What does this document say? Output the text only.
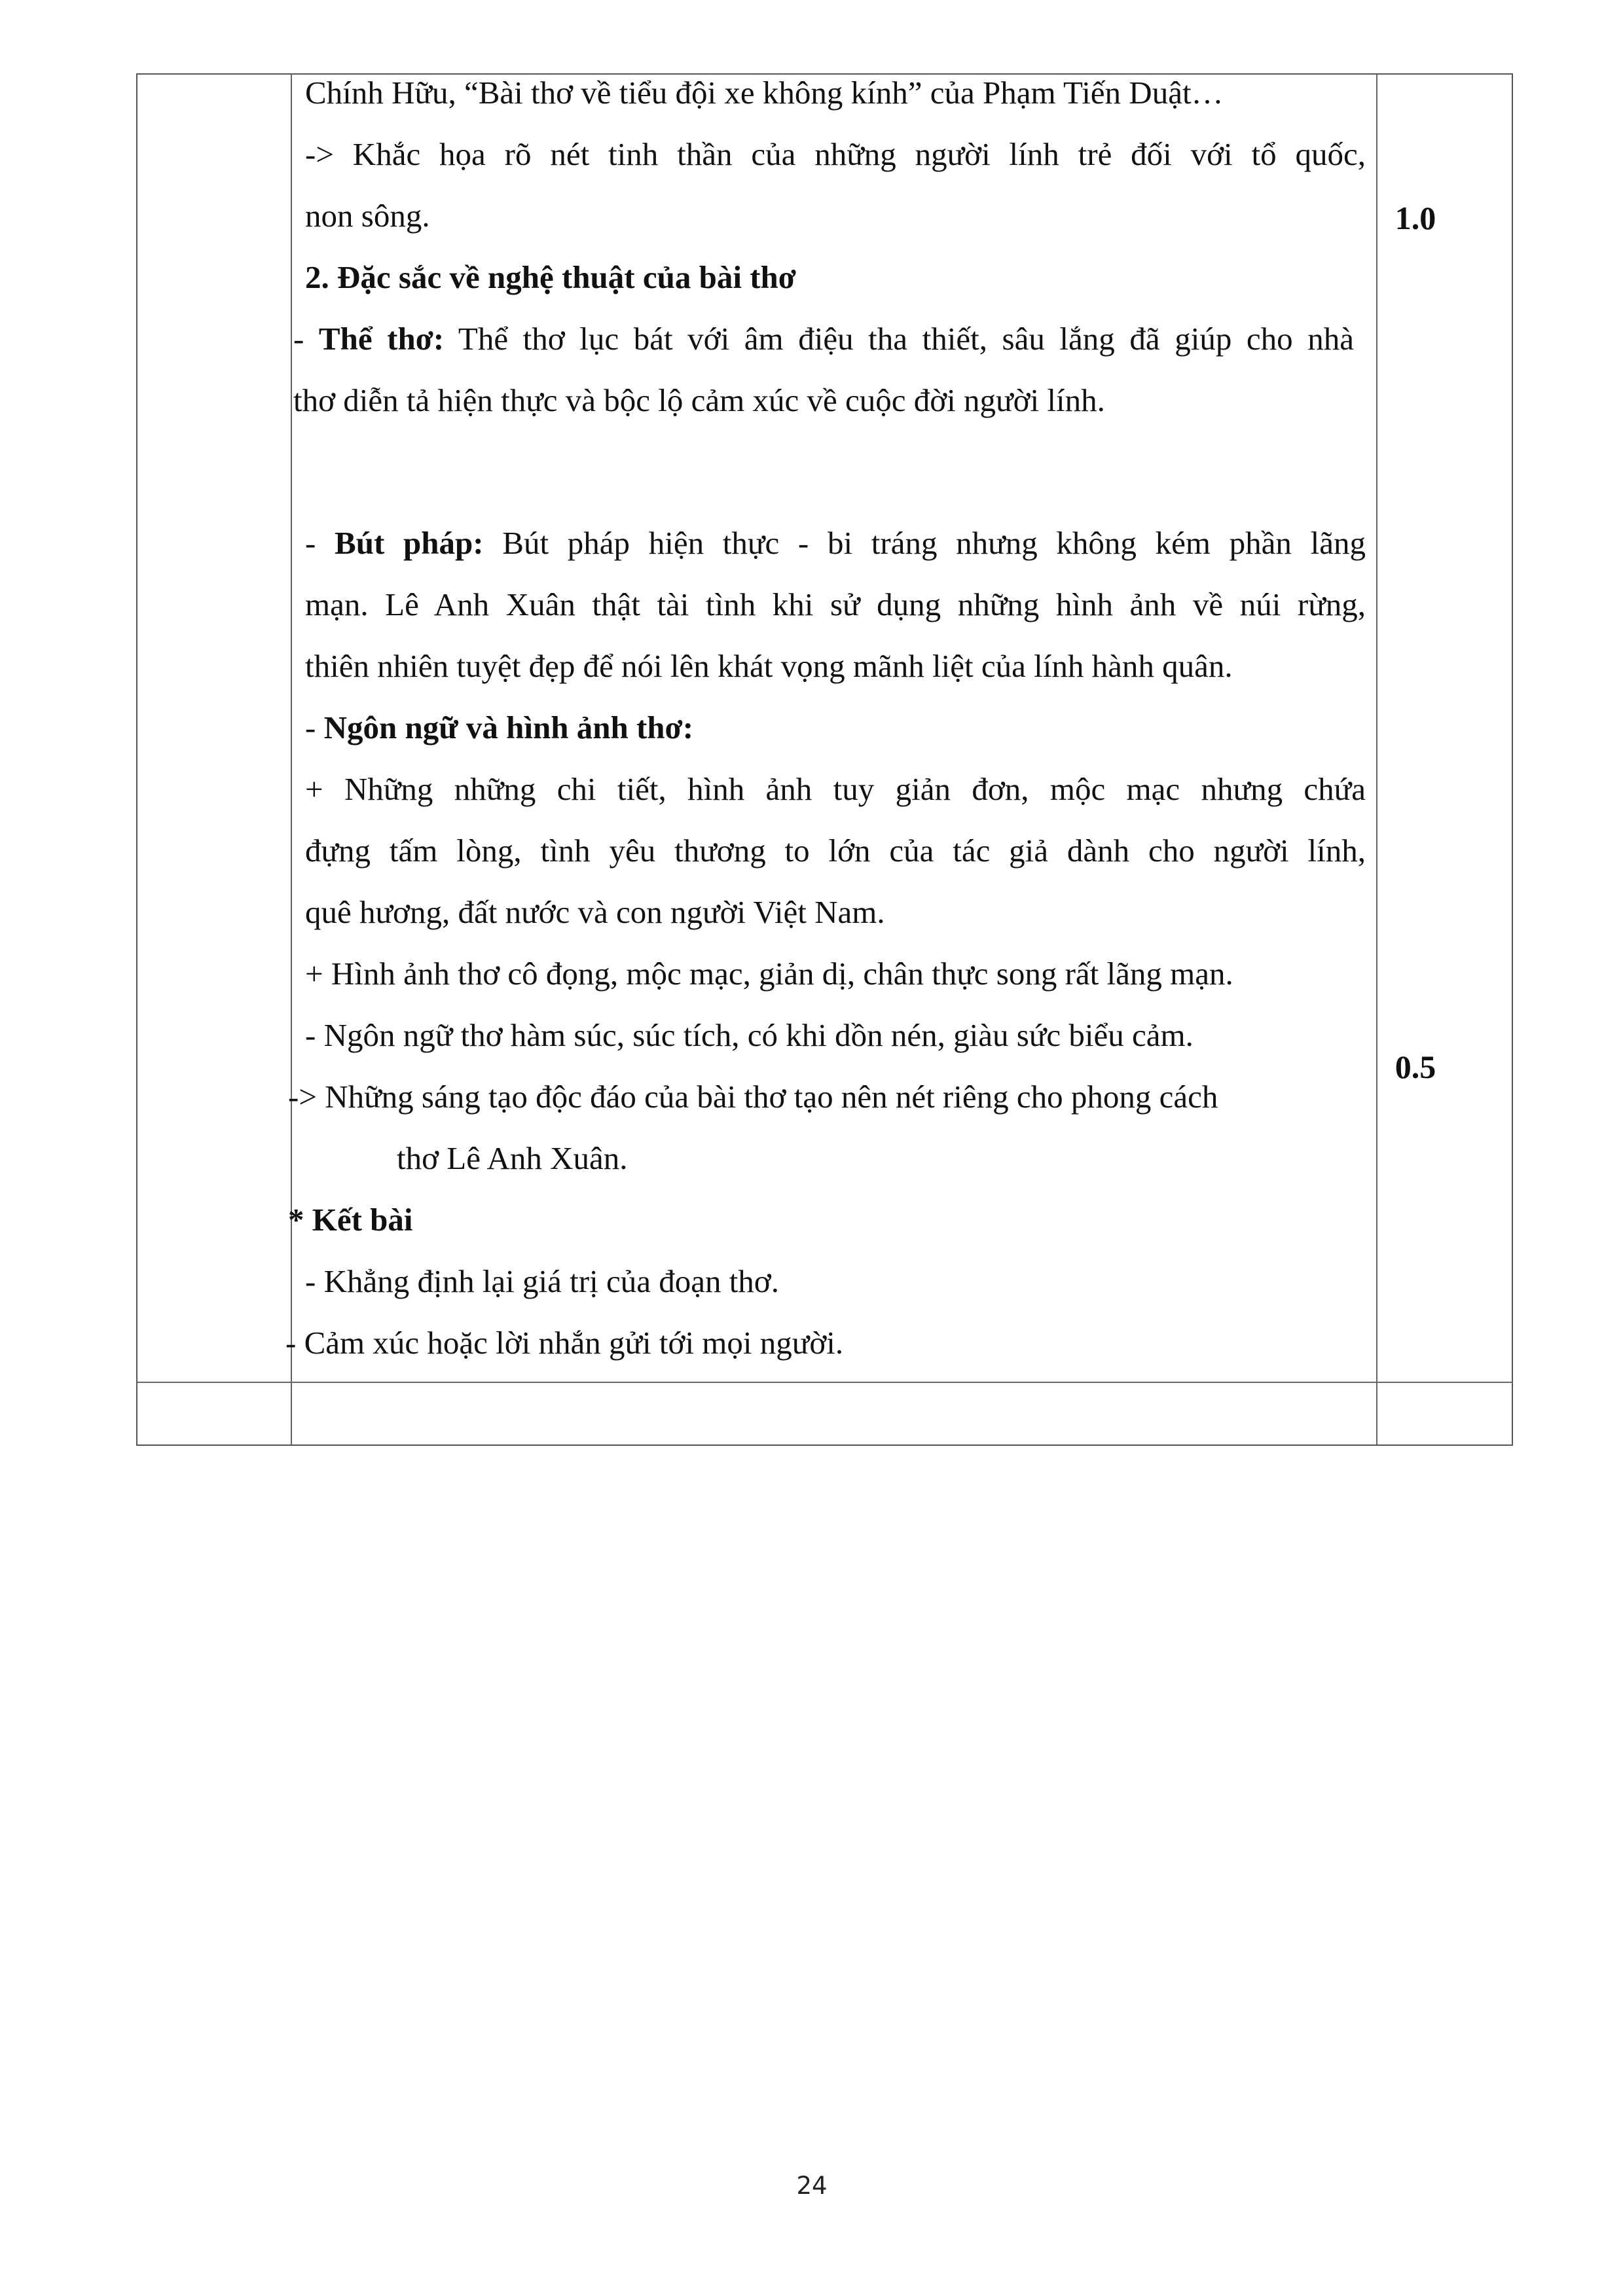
Chính Hữu, “Bài thơ về tiểu đội xe không kính” của Phạm Tiến Duật…
-> Khắc họa rõ nét tinh thần của những người lính trẻ đối với tổ quốc,
non sông.
2. Đặc sắc về nghệ thuật của bài thơ
- Thể thơ: Thể thơ lục bát với âm điệu tha thiết, sâu lắng đã giúp cho nhà
thơ diễn tả hiện thực và bộc lộ cảm xúc về cuộc đời người lính.
- Bút pháp: Bút pháp hiện thực - bi tráng nhưng không kém phần lãng
mạn. Lê Anh Xuân thật tài tình khi sử dụng những hình ảnh về núi rừng,
thiên nhiên tuyệt đẹp để nói lên khát vọng mãnh liệt của lính hành quân.
- Ngôn ngữ và hình ảnh thơ:
+ Những những chi tiết, hình ảnh tuy giản đơn, mộc mạc nhưng chứa
đựng tấm lòng, tình yêu thương to lớn của tác giả dành cho người lính,
quê hương, đất nước và con người Việt Nam.
+ Hình ảnh thơ cô đọng, mộc mạc, giản dị, chân thực song rất lãng mạn.
- Ngôn ngữ thơ hàm súc, súc tích, có khi dồn nén, giàu sức biểu cảm.
-> Những sáng tạo độc đáo của bài thơ tạo nên nét riêng cho phong cách
thơ Lê Anh Xuân.
* Kết bài
- Khẳng định lại giá trị của đoạn thơ.
- Cảm xúc hoặc lời nhắn gửi tới mọi người.
1.0
0.5
24
